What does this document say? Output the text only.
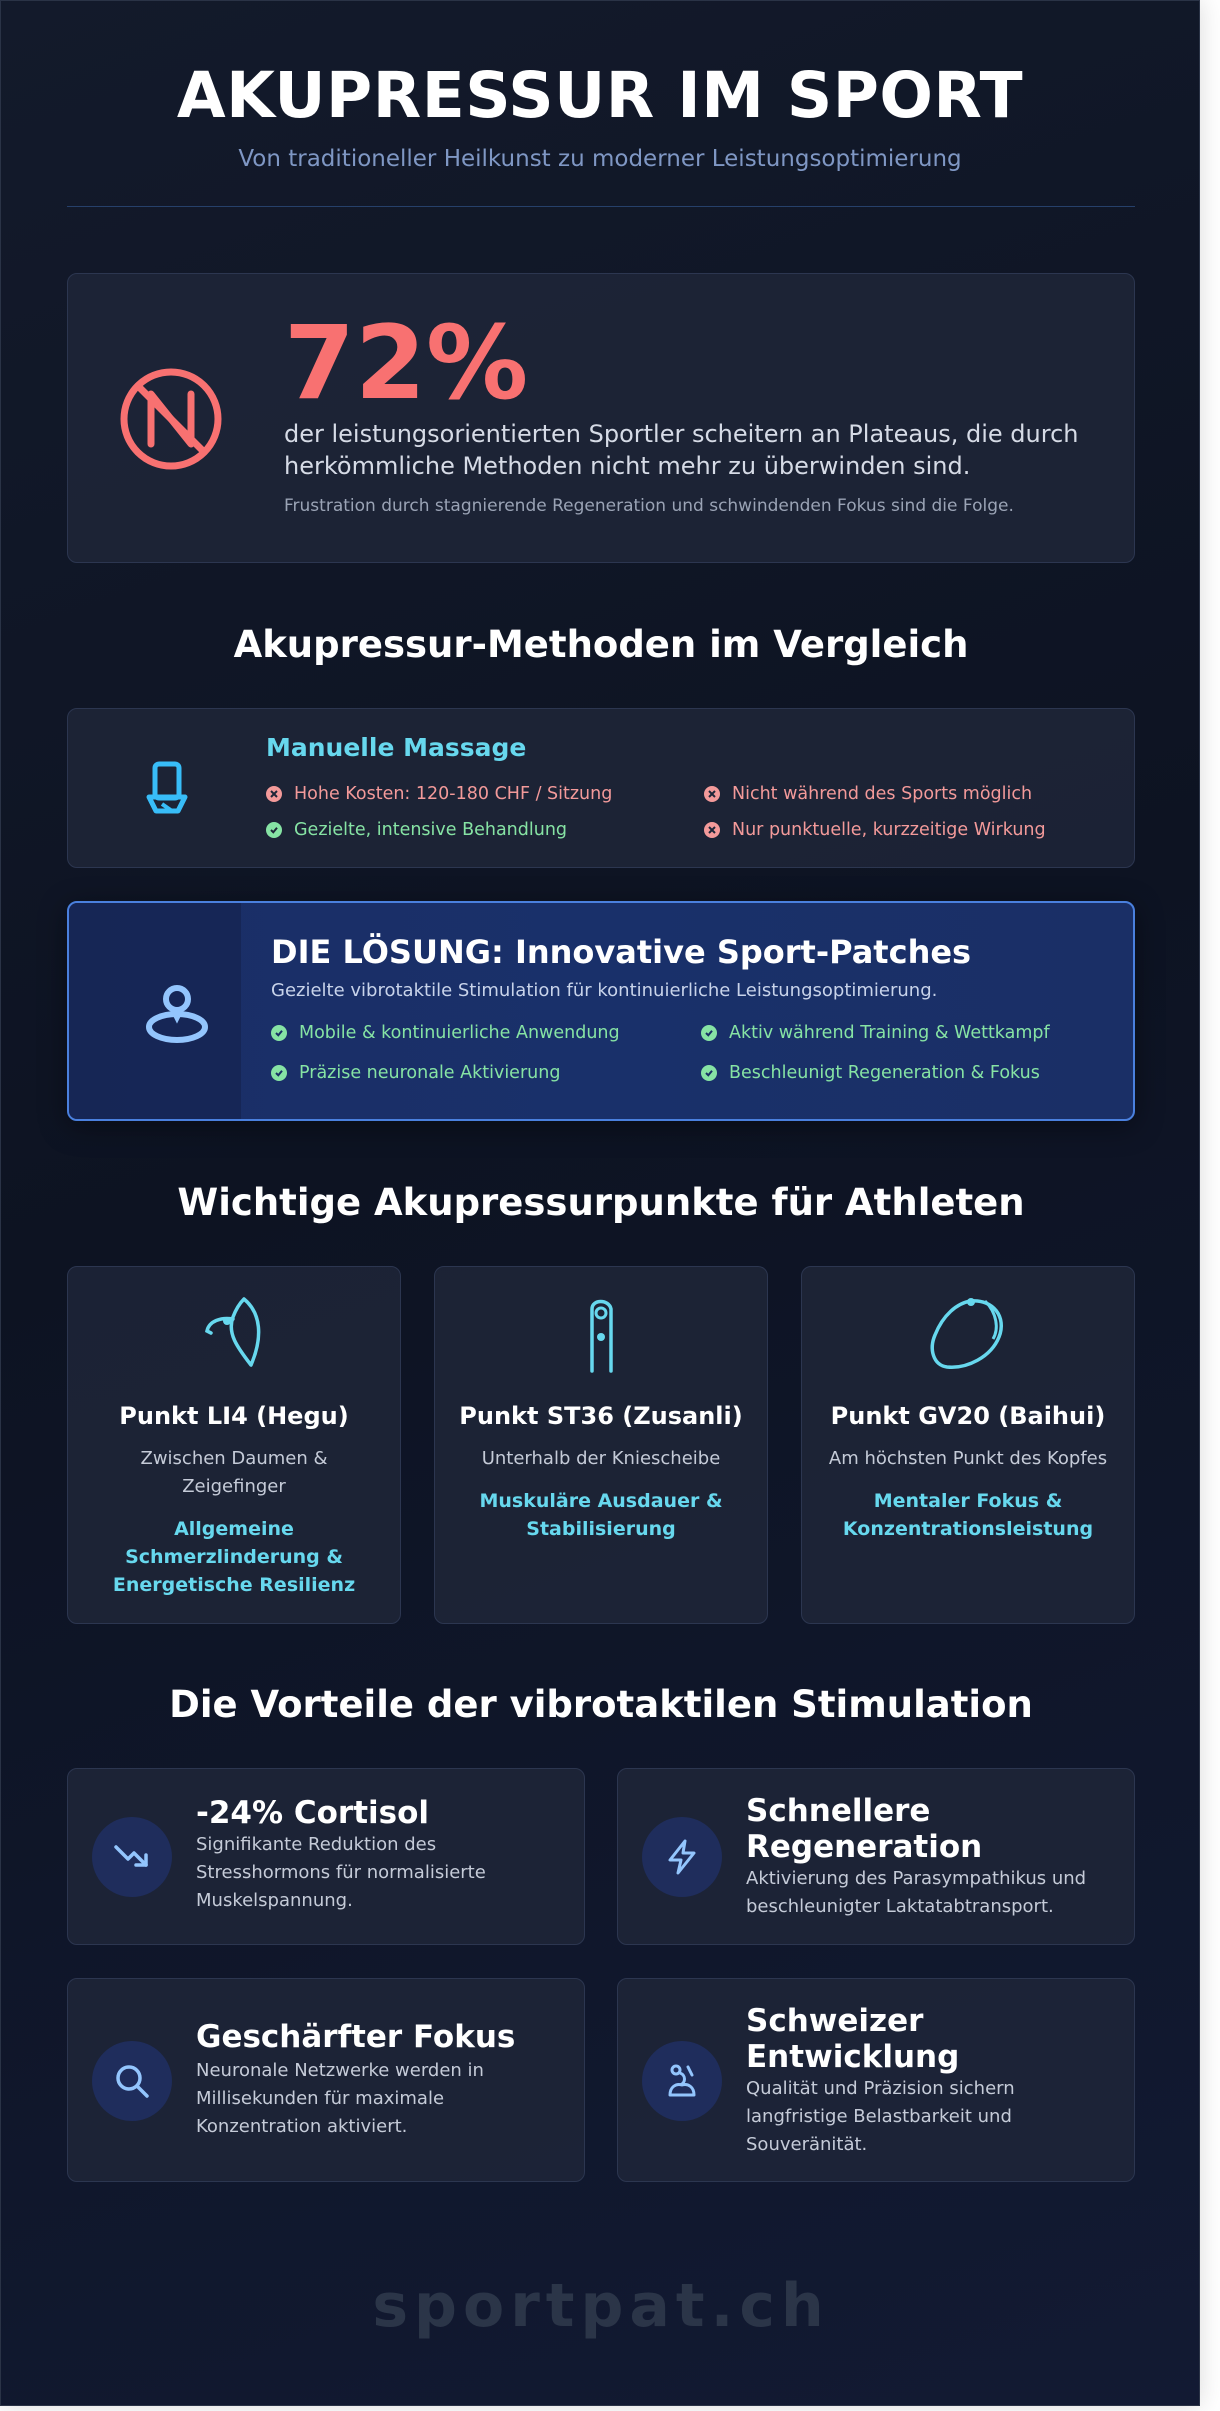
AKUPRESSUR IM SPORT
Von traditioneller Heilkunst zu moderner Leistungsoptimierung
72%
der leistungsorientierten Sportler scheitern an Plateaus, die durch herkömmliche Methoden nicht mehr zu überwinden sind.
Frustration durch stagnierende Regeneration und schwindenden Fokus sind die Folge.
Akupressur-Methoden im Vergleich
Manuelle Massage
Hohe Kosten: 120-180 CHF / Sitzung	Nicht während des Sports möglich
Gezielte, intensive Behandlung	Nur punktuelle, kurzzeitige Wirkung
DIE LÖSUNG: Innovative Sport-Patches
Gezielte vibrotaktile Stimulation für kontinuierliche Leistungsoptimierung.
Mobile & kontinuierliche Anwendung	Aktiv während Training & Wettkampf
Präzise neuronale Aktivierung	Beschleunigt Regeneration & Fokus
Wichtige Akupressurpunkte für Athleten
Punkt LI4 (Hegu)
Zwischen Daumen & Zeigefinger
Allgemeine Schmerzlinderung & Energetische Resilienz
Punkt ST36 (Zusanli)
Unterhalb der Kniescheibe
Muskuläre Ausdauer & Stabilisierung
Punkt GV20 (Baihui)
Am höchsten Punkt des Kopfes
Mentaler Fokus & Konzentrationsleistung
Die Vorteile der vibrotaktilen Stimulation
-24% Cortisol
Signifikante Reduktion des Stresshormons für normalisierte Muskelspannung.
Schnellere Regeneration
Aktivierung des Parasympathikus und beschleunigter Laktatabtransport.
Geschärfter Fokus
Neuronale Netzwerke werden in Millisekunden für maximale Konzentration aktiviert.
Schweizer Entwicklung
Qualität und Präzision sichern langfristige Belastbarkeit und Souveränität.
sportpat.ch
